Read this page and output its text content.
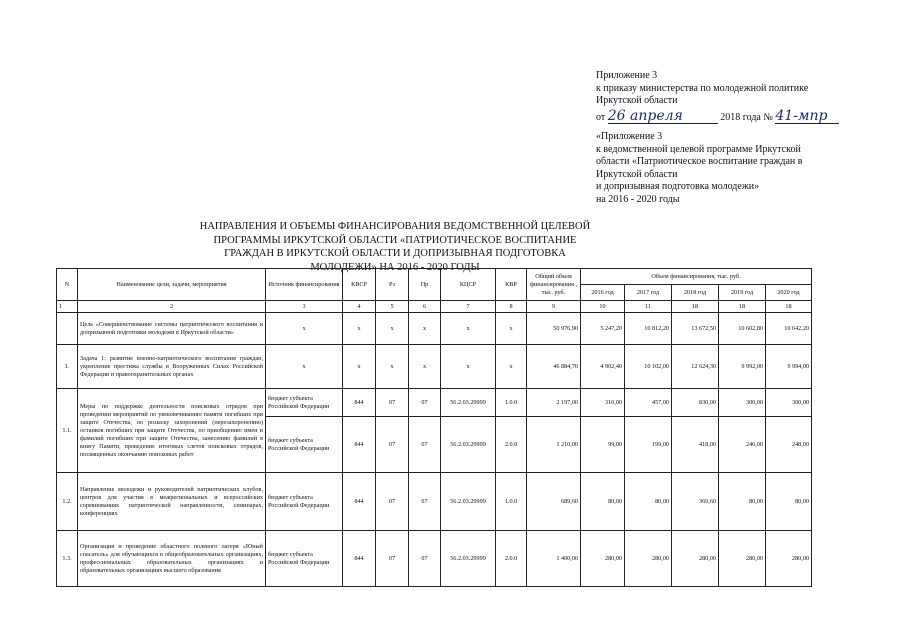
Приложение 3
к приказу министерства по молодежной политике
Иркутской области
от 26 апреля	2018 года № 41-мпр
«Приложение 3
к ведомственной целевой программе Иркутской
области «Патриотическое воспитание граждан в
Иркутской области
и допризывная подготовка молодежи»
на 2016 - 2020 годы
НАПРАВЛЕНИЯ И ОБЪЕМЫ ФИНАНСИРОВАНИЯ ВЕДОМСТВЕННОЙ ЦЕЛЕВОЙ
ПРОГРАММЫ ИРКУТСКОЙ ОБЛАСТИ «ПАТРИОТИЧЕСКОЕ ВОСПИТАНИЕ
ГРАЖДАН В ИРКУТСКОЙ ОБЛАСТИ И ДОПРИЗЫВНАЯ ПОДГОТОВКА
МОЛОДЕЖИ» НА 2016 - 2020 ГОДЫ
N	Наименование цели, задачи, мероприятия	Источник финансирования	КВСР	Рз	Пр	КЦСР	КВР	Общий объем финансирования , тыс. руб.	Объем финансирования, тыс. руб.				
									2016 год	2017 год	2018 год	2019 год	2020 год
1	2	3	4	5	6	7	8	9	10	11	18	18	18
	Цель «Совершенствование системы патриотического воспитания и допризывной подготовки молодежи в Иркутской области»	х	х	х	х	х	х	50 976,90	5 247,20	10 812,20	13 672,50	10 602,80	10 642,20
1.	Задача 1: развитие военно-патриотического воспитания граждан, укрепление престижа службы в Вооруженных Силах Российской Федерации и правоохранительных органах	х	х	х	х	х	х	46 884,70	4 902,40	10 102,00	12 624,30	9 992,00	9 994,00
1.1.	Меры по поддержке деятельности поисковых отрядов при проведении мероприятий по увековечиванию памяти погибших при защите Отечества, по розыску захоронений (перезахоронению) останков погибших при защите Отечества, по приобщению имен и фамилий погибших при защите Отечества, занесению фамилий в книгу Памяти, проведение итоговых слетов поисковых отрядов, посвященных окончанию поисковых работ	бюджет субъекта Российской Федерации	844	07	07	56.2.03.29999	1.0.0	2 197,00	310,00	457,00	830,00	300,00	300,00
		бюджет субъекта Российской Федерации	844	07	07	56.2.03.29999	2.0.0	1 210,00	99,00	199,00	418,00	246,00	248,00
1.2.	Направление молодежи и руководителей патриотических клубов, центров для участия в межрегиональных и всероссийских соревнованиях патриотической направленности, семинарах, конференциях	бюджет субъекта Российской Федерации	844	07	07	56.2.03.29999	1.0.0	689,60	80,00	80,00	369,60	80,00	80,00
1.3.	Организация и проведение областного полевого лагеря «Юный спасатель» для обучающихся в общеобразовательных организациях, профессиональных образовательных организациях и образовательных организациях высшего образования	бюджет субъекта Российской Федерации	844	07	07	56.2.03.29999	2.0.0	1 400,00	280,00	280,00	280,00	280,00	280,00
